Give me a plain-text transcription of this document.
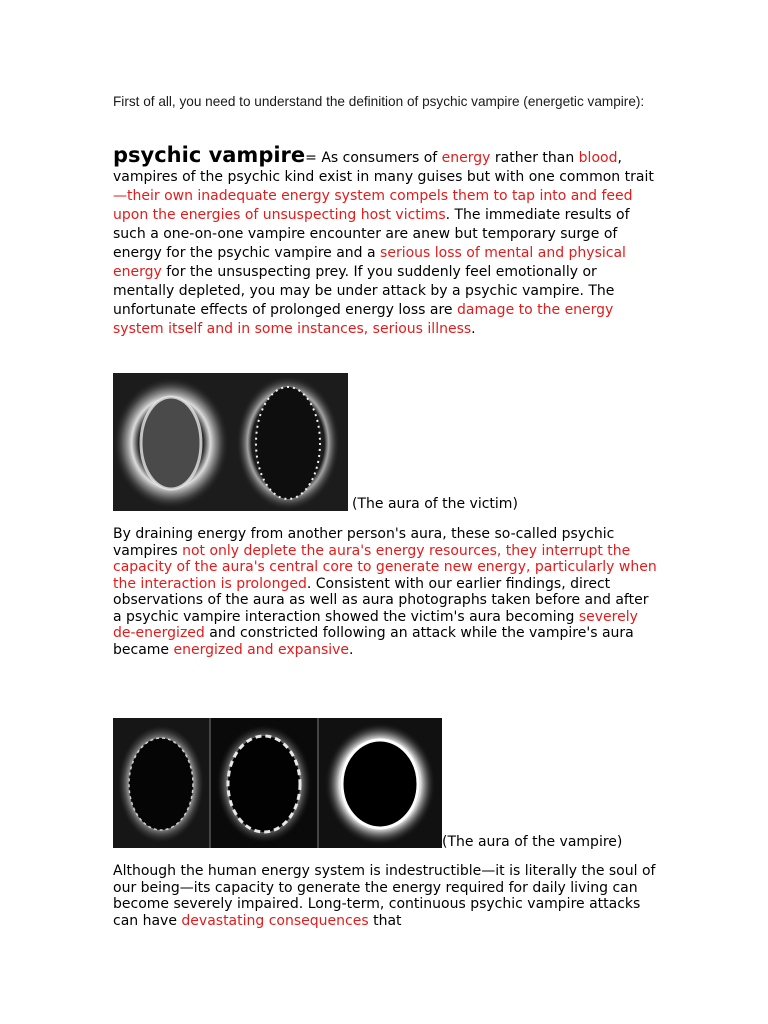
First of all, you need to understand the definition of psychic vampire (energetic vampire):
psychic vampire= As consumers of energy rather than blood, vampires of the psychic kind exist in many guises but with one common trait—their own inadequate energy system compels them to tap into and feed upon the energies of unsuspecting host victims. The immediate results of such a one-on-one vampire encounter are anew but temporary surge of energy for the psychic vampire and a serious loss of mental and physical energy for the unsuspecting prey. If you suddenly feel emotionally or mentally depleted, you may be under attack by a psychic vampire. The unfortunate effects of prolonged energy loss are damage to the energy system itself and in some instances, serious illness.
(The aura of the victim)
By draining energy from another person's aura, these so-called psychic vampires not only deplete the aura's energy resources, they interrupt the capacity of the aura's central core to generate new energy, particularly when the interaction is prolonged. Consistent with our earlier findings, direct observations of the aura as well as aura photographs taken before and after a psychic vampire interaction showed the victim's aura becoming severely de-energized and constricted following an attack while the vampire's aura became energized and expansive.
(The aura of the vampire)
Although the human energy system is indestructible—it is literally the soul of our being—its capacity to generate the energy required for daily living can become severely impaired. Long-term, continuous psychic vampire attacks can have devastating consequences that
